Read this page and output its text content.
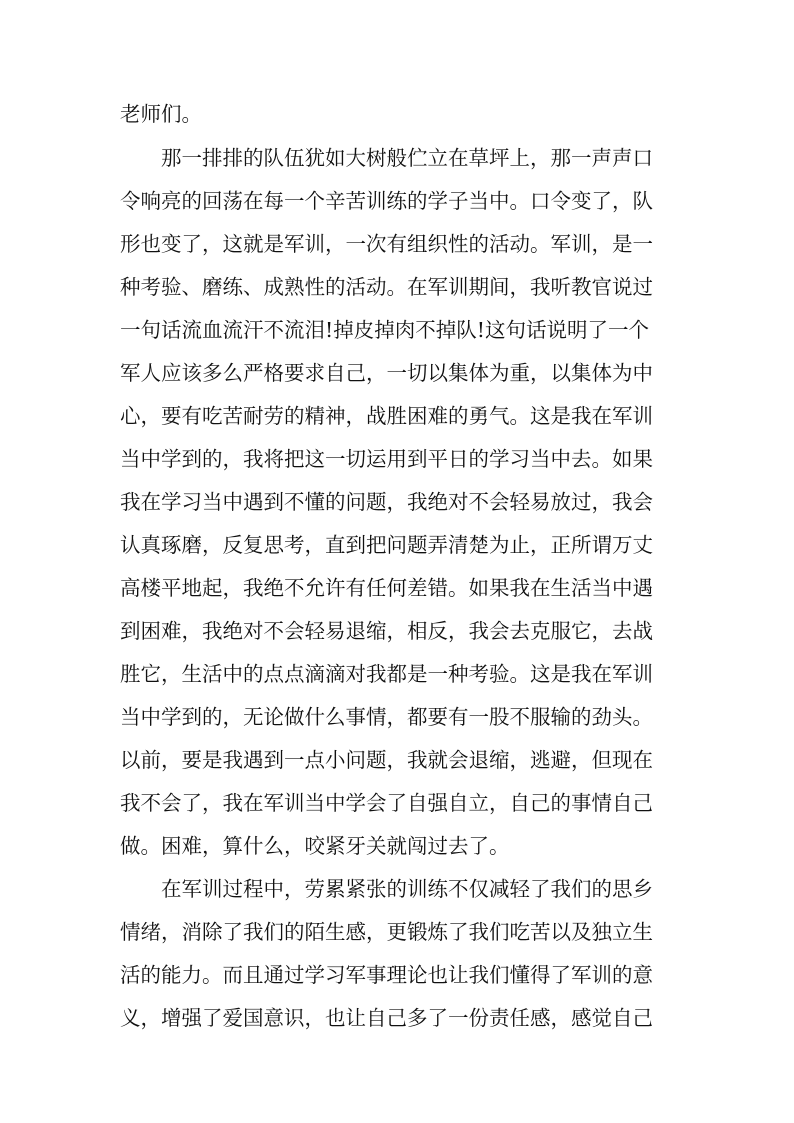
老师们。
那一排排的队伍犹如大树般伫立在草坪上，那一声声口
令响亮的回荡在每一个辛苦训练的学子当中。口令变了，队
形也变了，这就是军训，一次有组织性的活动。军训，是一
种考验、磨练、成熟性的活动。在军训期间，我听教官说过
一句话流血流汗不流泪!掉皮掉肉不掉队!这句话说明了一个
军人应该多么严格要求自己，一切以集体为重，以集体为中
心，要有吃苦耐劳的精神，战胜困难的勇气。这是我在军训
当中学到的，我将把这一切运用到平日的学习当中去。如果
我在学习当中遇到不懂的问题，我绝对不会轻易放过，我会
认真琢磨，反复思考，直到把问题弄清楚为止，正所谓万丈
高楼平地起，我绝不允许有任何差错。如果我在生活当中遇
到困难，我绝对不会轻易退缩，相反，我会去克服它，去战
胜它，生活中的点点滴滴对我都是一种考验。这是我在军训
当中学到的，无论做什么事情，都要有一股不服输的劲头。
以前，要是我遇到一点小问题，我就会退缩，逃避，但现在
我不会了，我在军训当中学会了自强自立，自己的事情自己
做。困难，算什么，咬紧牙关就闯过去了。
在军训过程中，劳累紧张的训练不仅减轻了我们的思乡
情绪，消除了我们的陌生感，更锻炼了我们吃苦以及独立生
活的能力。而且通过学习军事理论也让我们懂得了军训的意
义，增强了爱国意识，也让自己多了一份责任感，感觉自己
